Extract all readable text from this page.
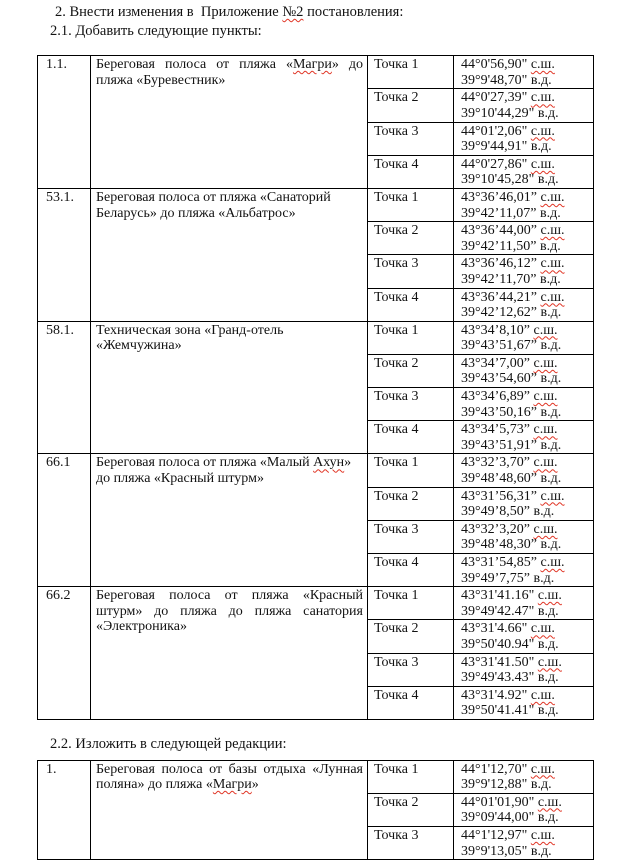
2. Внести изменения в  Приложение №2 постановления:

2.1. Добавить следующие пункты:

1.1.	Береговая полоса от пляжа «Магри» до пляжа «Буревестник»	Точка 1	44°0'56,90" с.ш.
39°9'48,70" в.д.

		Точка 2	44°0'27,39" с.ш.
39°10'44,29" в.д.

		Точка 3	44°01'2,06" с.ш.
39°9'44,91" в.д.

		Точка 4	44°0'27,86" с.ш.
39°10'45,28" в.д.

53.1.	Береговая полоса от пляжа «Санаторий Беларусь» до пляжа «Альбатрос»	Точка 1	43°36’46,01” с.ш.
39°42’11,07” в.д.

		Точка 2	43°36’44,00” с.ш.
39°42’11,50” в.д.

		Точка 3	43°36’46,12” с.ш.
39°42’11,70” в.д.

		Точка 4	43°36’44,21” с.ш.
39°42’12,62” в.д.

58.1.	Техническая зона «Гранд-отель «Жемчужина»	Точка 1	43°34’8,10” с.ш.
39°43’51,67” в.д.

		Точка 2	43°34’7,00” с.ш.
39°43’54,60” в.д.

		Точка 3	43°34’6,89” с.ш.
39°43’50,16” в.д.

		Точка 4	43°34’5,73” с.ш.
39°43’51,91” в.д.

66.1	Береговая полоса от пляжа «Малый Ахун» до пляжа «Красный штурм»	Точка 1	43°32’3,70” с.ш.
39°48’48,60” в.д.

		Точка 2	43°31’56,31” с.ш.
39°49’8,50” в.д.

		Точка 3	43°32’3,20” с.ш.
39°48’48,30” в.д.

		Точка 4	43°31’54,85” с.ш.
39°49’7,75” в.д.

66.2	Береговая полоса от пляжа «Красный штурм» до пляжа до пляжа санатория «Электроника»	Точка 1	43°31'41.16" с.ш.
39°49'42.47" в.д.

		Точка 2	43°31'4.66" с.ш.
39°50'40.94" в.д.

		Точка 3	43°31'41.50" с.ш.
39°49'43.43" в.д.

		Точка 4	43°31'4.92" с.ш.
39°50'41.41" в.д.

2.2. Изложить в следующей редакции:

1.	Береговая полоса от базы отдыха «Лунная поляна» до пляжа «Магри»	Точка 1	44°1'12,70" с.ш.
39°9'12,88" в.д.

		Точка 2	44°01'01,90" с.ш.
39°09'44,00" в.д.

		Точка 3	44°1'12,97" с.ш.
39°9'13,05" в.д.
